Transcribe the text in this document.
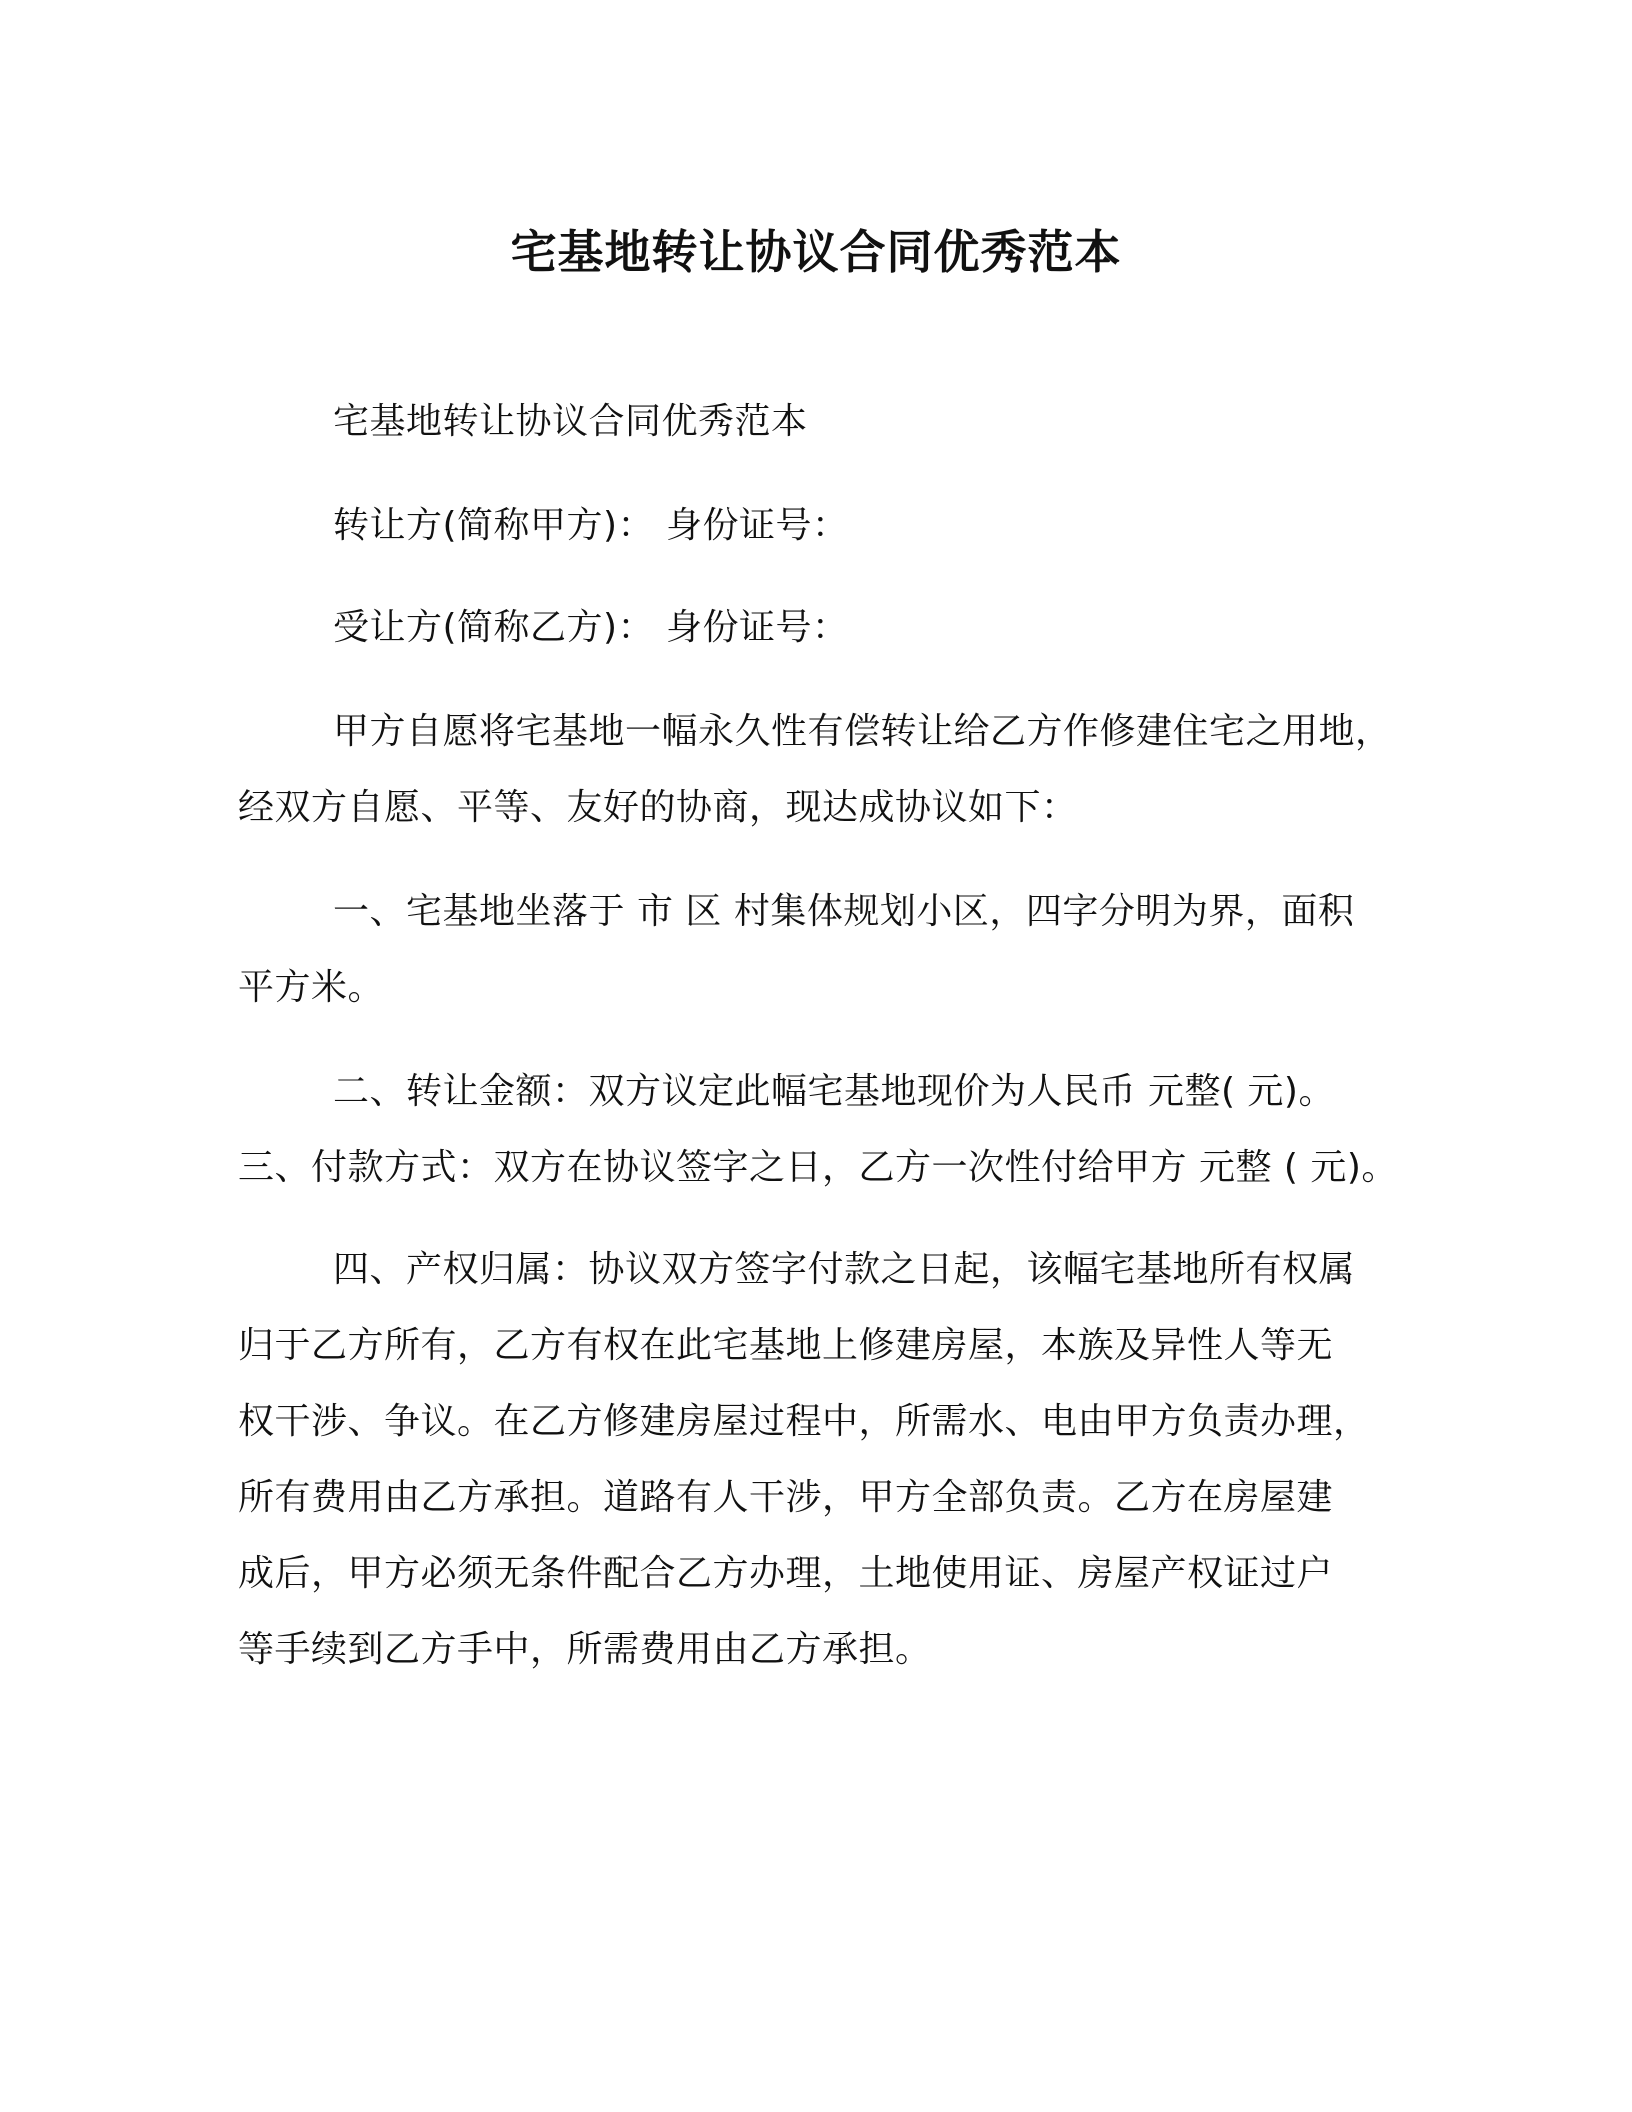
宅基地转让协议合同优秀范本
宅基地转让协议合同优秀范本
转让方(简称甲方)： 身份证号：
受让方(简称乙方)： 身份证号：
甲方自愿将宅基地一幅永久性有偿转让给乙方作修建住宅之用地，
经双方自愿、平等、友好的协商，现达成协议如下：
一、宅基地坐落于 市 区 村集体规划小区，四字分明为界，面积
平方米。
二、转让金额：双方议定此幅宅基地现价为人民币 元整( 元)。
三、付款方式：双方在协议签字之日，乙方一次性付给甲方 元整 ( 元)。
四、产权归属：协议双方签字付款之日起，该幅宅基地所有权属
归于乙方所有，乙方有权在此宅基地上修建房屋，本族及异性人等无
权干涉、争议。在乙方修建房屋过程中，所需水、电由甲方负责办理，
所有费用由乙方承担。道路有人干涉，甲方全部负责。乙方在房屋建
成后，甲方必须无条件配合乙方办理，土地使用证、房屋产权证过户
等手续到乙方手中，所需费用由乙方承担。
